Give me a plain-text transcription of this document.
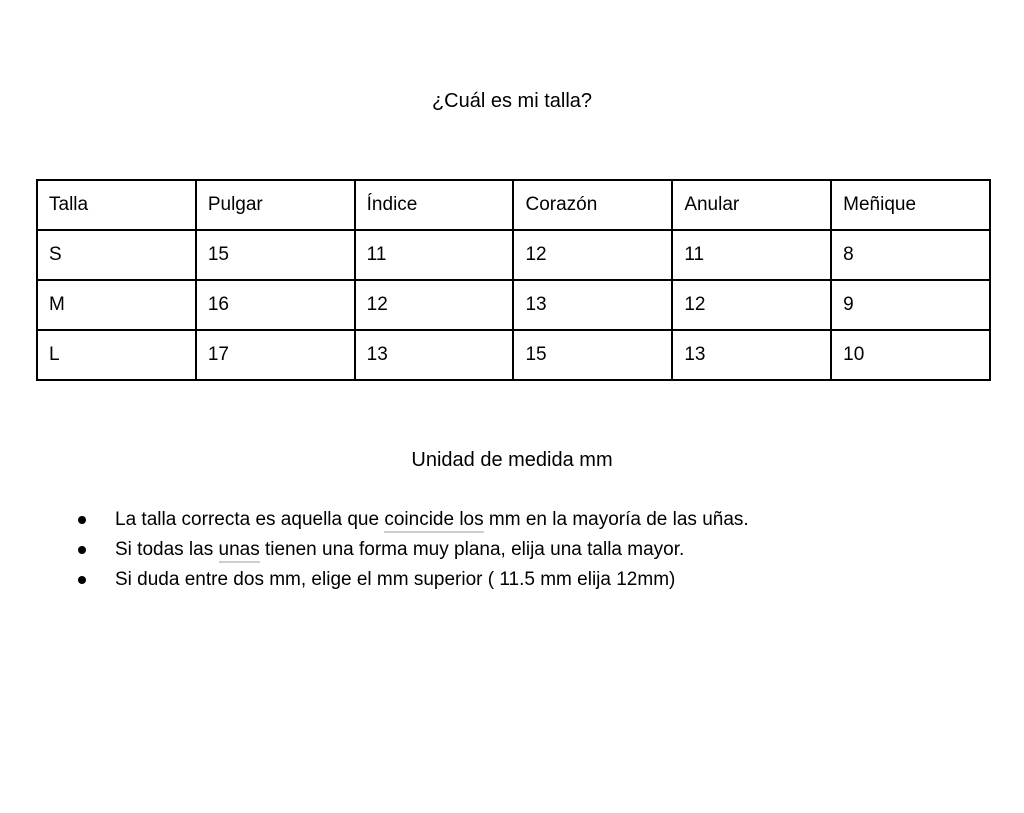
¿Cuál es mi talla?
Talla	Pulgar	Índice	Corazón	Anular	Meñique
S	15	11	12	11	8
M	16	12	13	12	9
L	17	13	15	13	10
Unidad de medida mm
La talla correcta es aquella que coincide los mm en la mayoría de las uñas.
Si todas las unas tienen una forma muy plana, elija una talla mayor.
Si duda entre dos mm, elige el mm superior ( 11.5 mm elija 12mm)
